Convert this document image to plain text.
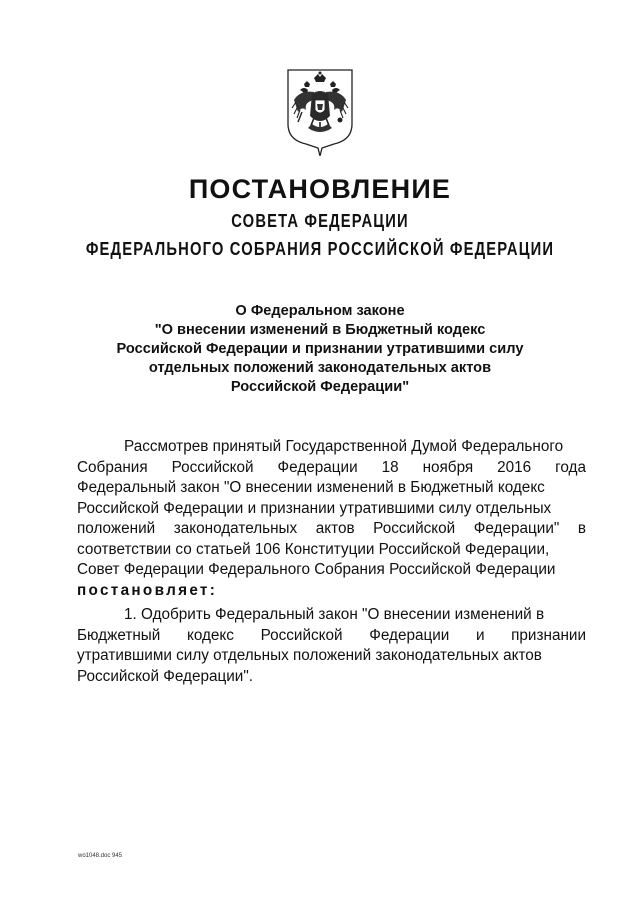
ПОСТАНОВЛЕНИЕ
СОВЕТА ФЕДЕРАЦИИ
ФЕДЕРАЛЬНОГО СОБРАНИЯ РОССИЙСКОЙ ФЕДЕРАЦИИ
О Федеральном законе
"О внесении изменений в Бюджетный кодекс
Российской Федерации и признании утратившими силу
отдельных положений законодательных актов
Российской Федерации"
Рассмотрев принятый Государственной Думой Федерального
Собрания Российской Федерации 18 ноября 2016 года
Федеральный закон "О внесении изменений в Бюджетный кодекс
Российской Федерации и признании утратившими силу отдельных
положений законодательных актов Российской Федерации" в
соответствии со статьей 106 Конституции Российской Федерации,
Совет Федерации Федерального Собрания Российской Федерации
постановляет:
1. Одобрить Федеральный закон "О внесении изменений в
Бюджетный кодекс Российской Федерации и признании
утратившими силу отдельных положений законодательных актов
Российской Федерации".
wo1048.doc 945
